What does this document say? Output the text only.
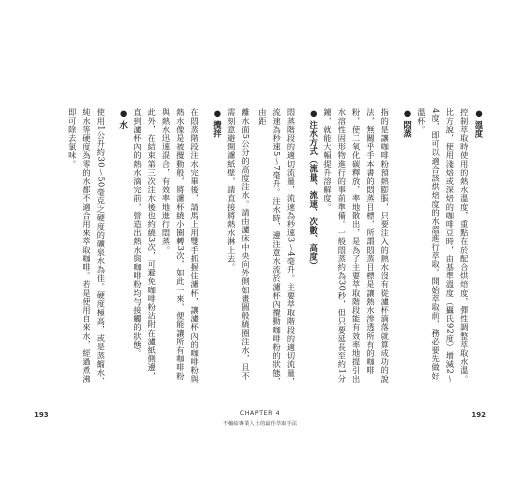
●溫度
控制萃取時使用的熱水溫度，重點在於配合烘焙度，彈性調整萃取水溫。比方說，使用淺焙或深焙的咖啡豆時，由基準溫度（攝氏92度）增減2〜4度，即可以適合該烘焙度的水溫進行萃取。開始萃取前，務必要先做好溫杯。
●悶蒸
指的是讓咖啡粉預熱膨脹，只要注入的熱水沒有從濾杯滴落就算成功的說法，無關乎手本書的悶蒸目標，所謂悶蒸目標是讓熱水滲透所有的咖啡粉，使二氧化碳釋放，率地散出，是為了主要萃取階段能有效率地提引出水溶性固形物進行的事前準備。一般悶蒸約為30秒，但只要延長至約1分鐘，就能大幅提升溶解度。
●注水方式（流量、流速、次數、高度）
悶蒸階段的適切流量，流速為秒速3〜4毫升。主要萃取階段的適切流量，流速為秒速5〜7毫升。注水時，邊注意水流於濾杯內攪動咖啡粉的狀態，由距
離水面5公分的高度注水。請由濾床中央向外側如畫圓般繞圈注水，且不需刻意避開濾紙壁，請直接將熱水淋上去。
●攪拌
在悶蒸階段注水完畢後，請馬上用雙手抓握住濾杯，讓濾杯內的咖啡粉與熱水像是被攪動般，將濾杯繞小圈轉3次，如此一來，便能讓所有咖啡粉與熱水迅速混合，有效率地進行悶蒸。
此外，在結束第三次注水後也約繞3次，可避免咖啡粉沾附在濾紙側邊，直到濾杯內的熱水滴完前，營造出熱水與咖啡粉均勻接觸的狀態。
●水
使用1公升約30〜50毫克之硬度的礦泉水為佳。硬度極高，或是蒸餾水、純水等硬度為零的水都不適合用來萃取咖啡。若是使用自來水，經過煮沸即可除去氯味。
193	192
CHAPTER 4
不輸給專業人士的最佳萃取手法
